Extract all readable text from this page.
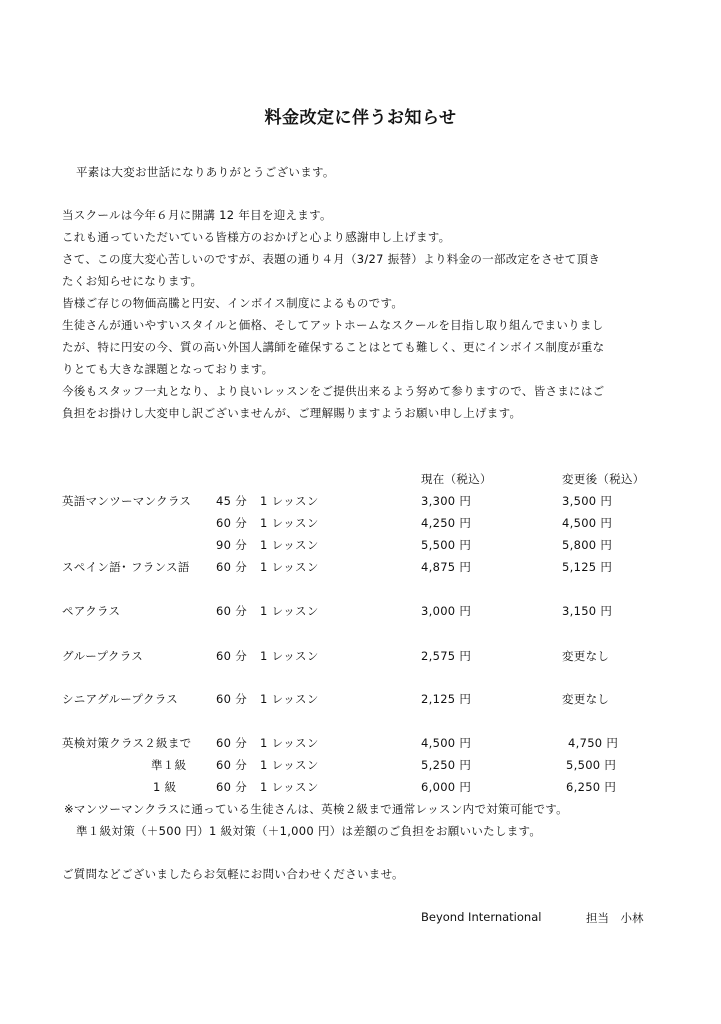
料金改定に伴うお知らせ
平素は大変お世話になりありがとうございます。
当スクールは今年６月に開講 12 年目を迎えます。
これも通っていただいている皆様方のおかげと心より感謝申し上げます。
さて、この度大変心苦しいのですが、表題の通り４月（3/27 振替）より料金の一部改定をさせて頂き
たくお知らせになります。
皆様ご存じの物価高騰と円安、インボイス制度によるものです。
生徒さんが通いやすいスタイルと価格、そしてアットホームなスクールを目指し取り組んでまいりまし
たが、特に円安の今、質の高い外国人講師を確保することはとても難しく、更にインボイス制度が重な
りとても大きな課題となっております。
今後もスタッフ一丸となり、より良いレッスンをご提供出来るよう努めて参りますので、皆さまにはご
負担をお掛けし大変申し訳ございませんが、ご理解賜りますようお願い申し上げます。
現在（税込）	変更後（税込）
英語マンツーマンクラス 45 分 1 レッスン	3,300 円	3,500 円
60 分 1 レッスン	4,250 円	4,500 円
90 分 1 レッスン	5,500 円	5,800 円
スペイン語･ フランス語 60 分 1 レッスン	4,875 円	5,125 円
ペアクラス	60 分 1 レッスン	3,000 円	3,150 円
グループクラス	60 分 1 レッスン	2,575 円	変更なし
シニアグループクラス	60 分 1 レッスン	2,125 円	変更なし
英検対策クラス２級まで 60 分 1 レッスン	4,500 円	4,750 円
準１級	60 分 1 レッスン	5,250 円	5,500 円
1 級	60 分 1 レッスン	6,000 円	6,250 円
※マンツーマンクラスに通っている生徒さんは、英検２級まで通常レッスン内で対策可能です。
準１級対策（＋500 円）1 級対策（＋1,000 円）は差額のご負担をお願いいたします。
ご質問などございましたらお気軽にお問い合わせくださいませ。
Beyond International	担当　小林
